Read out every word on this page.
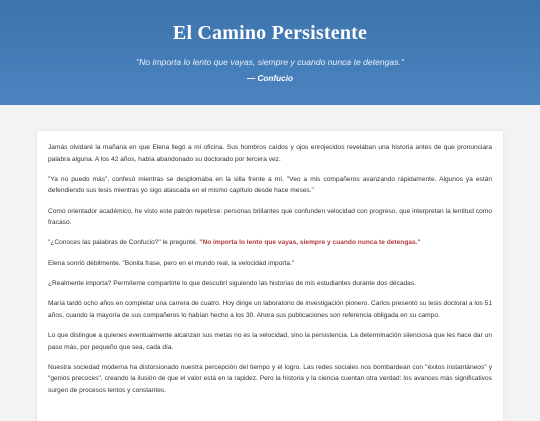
El Camino Persistente
"No importa lo lento que vayas, siempre y cuando nunca te detengas."
— Confucio

Jamás olvidaré la mañana en que Elena llegó a mi oficina. Sus hombros caídos y ojos enrojecidos revelaban una historia antes de que pronunciara palabra alguna. A los 42 años, había abandonado su doctorado por tercera vez.

"Ya no puedo más", confesó mientras se desplomaba en la silla frente a mí. "Veo a mis compañeros avanzando rápidamente. Algunos ya están defendiendo sus tesis mientras yo sigo atascada en el mismo capítulo desde hace meses."

Como orientador académico, he visto este patrón repetirse: personas brillantes que confunden velocidad con progreso, que interpretan la lentitud como fracaso.

"¿Conoces las palabras de Confucio?" le pregunté. "No importa lo lento que vayas, siempre y cuando nunca te detengas."

Elena sonrió débilmente. "Bonita frase, pero en el mundo real, la velocidad importa."

¿Realmente importa? Permíteme compartirte lo que descubrí siguiendo las historias de mis estudiantes durante dos décadas.

María tardó ocho años en completar una carrera de cuatro. Hoy dirige un laboratorio de investigación pionero. Carlos presentó su tesis doctoral a los 51 años, cuando la mayoría de sus compañeros lo habían hecho a los 30. Ahora sus publicaciones son referencia obligada en su campo.

Lo que distingue a quienes eventualmente alcanzan sus metas no es la velocidad, sino la persistencia. La determinación silenciosa que les hace dar un paso más, por pequeño que sea, cada día.

Nuestra sociedad moderna ha distorsionado nuestra percepción del tiempo y el logro. Las redes sociales nos bombardean con "éxitos instantáneos" y "genios precoces", creando la ilusión de que el valor está en la rapidez. Pero la historia y la ciencia cuentan otra verdad: los avances más significativos surgen de procesos lentos y constantes.
